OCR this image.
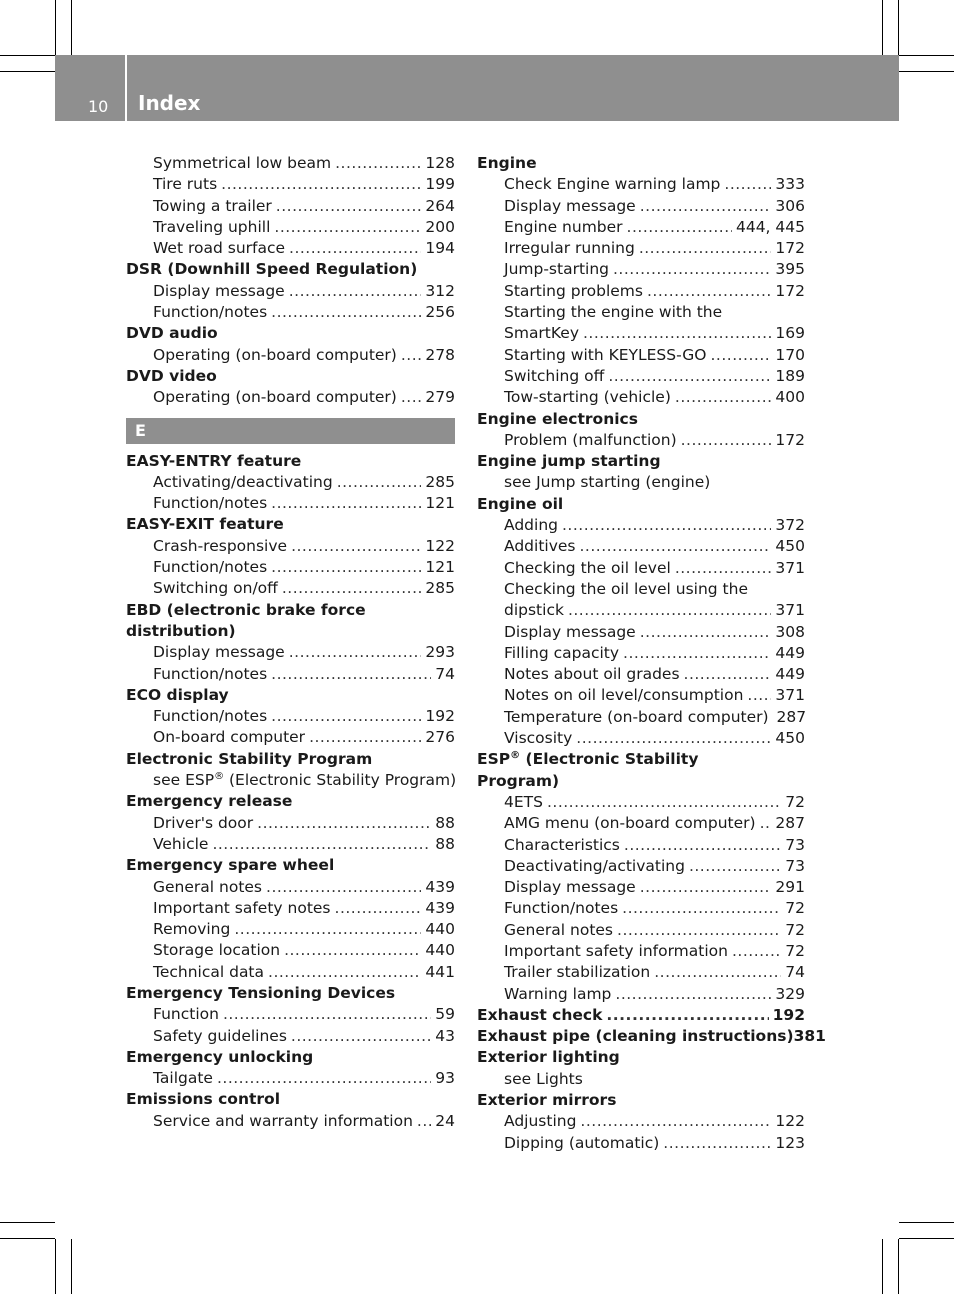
10 Index
Symmetrical low beam .....	128
Tire ruts .....	199
Towing a trailer .....	264
Traveling uphill .....	200
Wet road surface .....	194
DSR (Downhill Speed Regulation)
Display message .....	312
Function/notes .....	256
DVD audio
Operating (on-board computer) ..... 278
DVD video
Operating (on-board computer) ..... 279
E
EASY-ENTRY feature
Activating/deactivating .....	285
Function/notes .....	121
EASY-EXIT feature
Crash-responsive .....	122
Function/notes .....	121
Switching on/off .....	285
EBD (electronic brake force
distribution)
Display message .....	293
Function/notes .....	74
ECO display
Function/notes .....	192
On-board computer .....	276
Electronic Stability Program
see ESP® (Electronic Stability Program)
Emergency release
Driver's door .....	88
Vehicle .....	88
Emergency spare wheel
General notes .....	439
Important safety notes .....	439
Removing .....	440
Storage location .....	440
Technical data .....	441
Emergency Tensioning Devices
Function .....	59
Safety guidelines .....	43
Emergency unlocking
Tailgate .....	93
Emissions control
Service and warranty information ..... 24
Engine
Check Engine warning lamp .....	333
Display message .....	306
Engine number .....	444, 445
Irregular running .....	172
Jump-starting .....	395
Starting problems .....	172
Starting the engine with the
SmartKey .....	169
Starting with KEYLESS-GO .....	170
Switching off .....	189
Tow-starting (vehicle) .....	400
Engine electronics
Problem (malfunction) .....	172
Engine jump starting
see Jump starting (engine)
Engine oil
Adding .....	372
Additives .....	450
Checking the oil level .....	371
Checking the oil level using the
dipstick .....	371
Display message .....	308
Filling capacity .....	449
Notes about oil grades .....	449
Notes on oil level/consumption ..... 371
Temperature (on-board computer) 287
Viscosity .....	450
ESP® (Electronic Stability
Program)
4ETS .....	72
AMG menu (on-board computer) ..... 287
Characteristics .....	73
Deactivating/activating .....	73
Display message .....	291
Function/notes .....	72
General notes .....	72
Important safety information .....	72
Trailer stabilization .....	74
Warning lamp .....	329
Exhaust check .....	192
Exhaust pipe (cleaning instructions) 381
Exterior lighting
see Lights
Exterior mirrors
Adjusting .....	122
Dipping (automatic) .....	123
